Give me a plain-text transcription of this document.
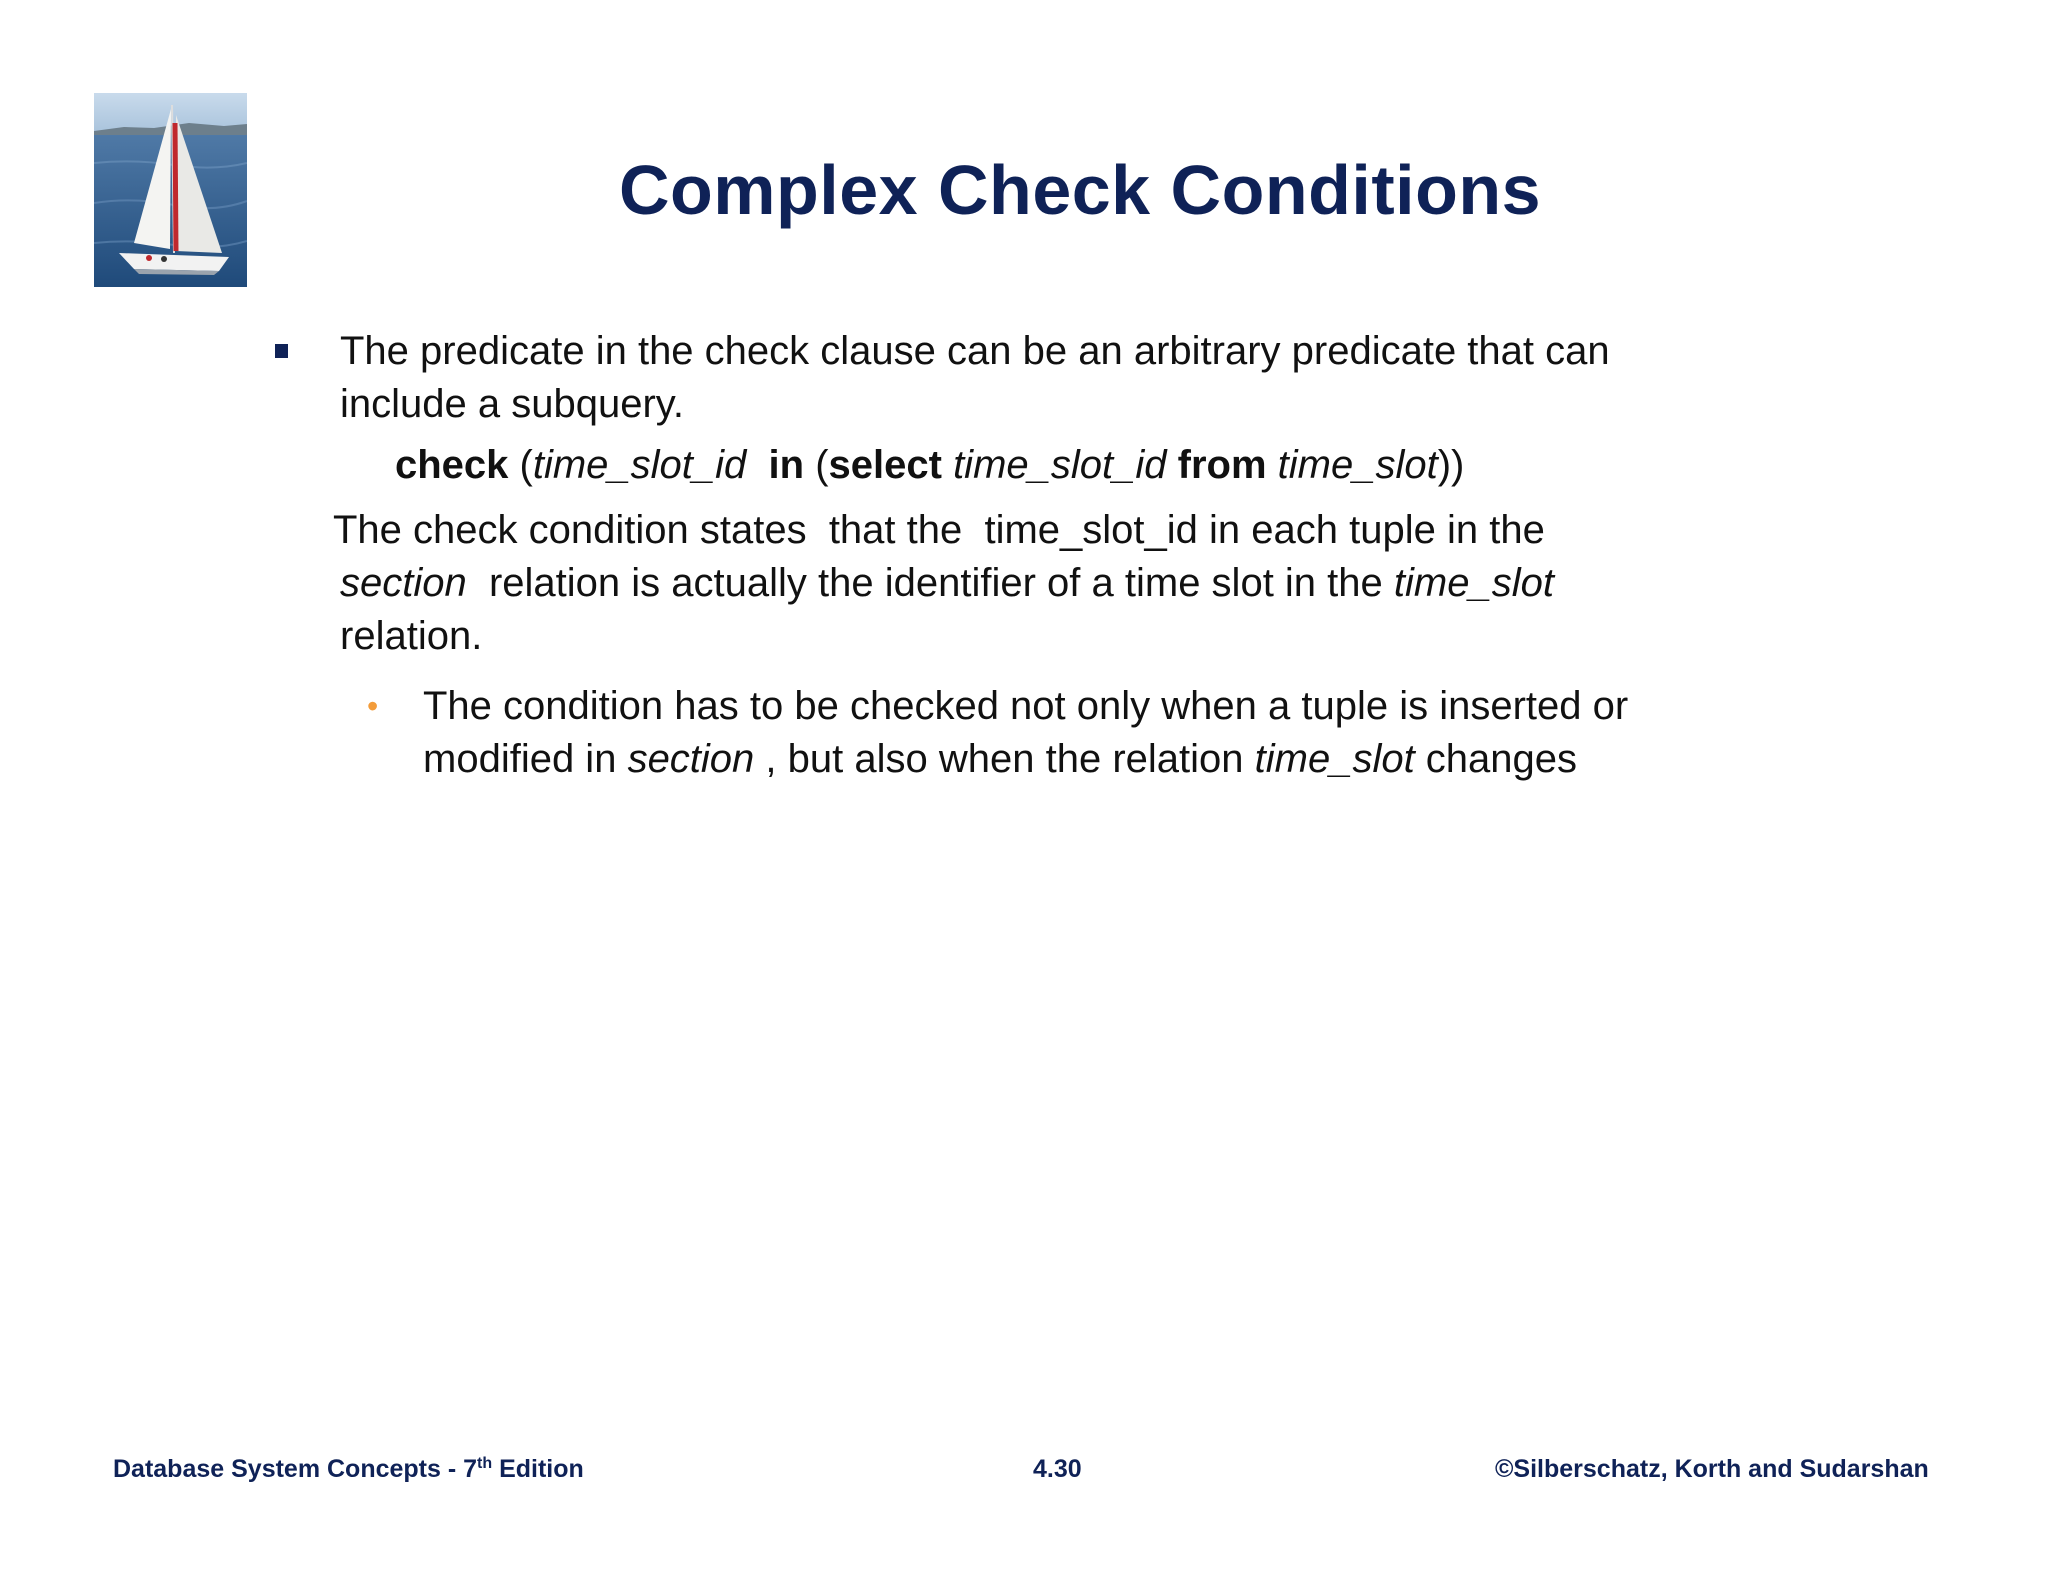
Complex Check Conditions
The predicate in the check clause can be an arbitrary predicate that can
include a subquery.
check (time_slot_id in (select time_slot_id from time_slot))
The check condition states  that the  time_slot_id in each tuple in the
section  relation is actually the identifier of a time slot in the time_slot
relation.
• The condition has to be checked not only when a tuple is inserted or
modified in section , but also when the relation time_slot changes
Database System Concepts - 7th Edition	4.30	©Silberschatz, Korth and Sudarshan
